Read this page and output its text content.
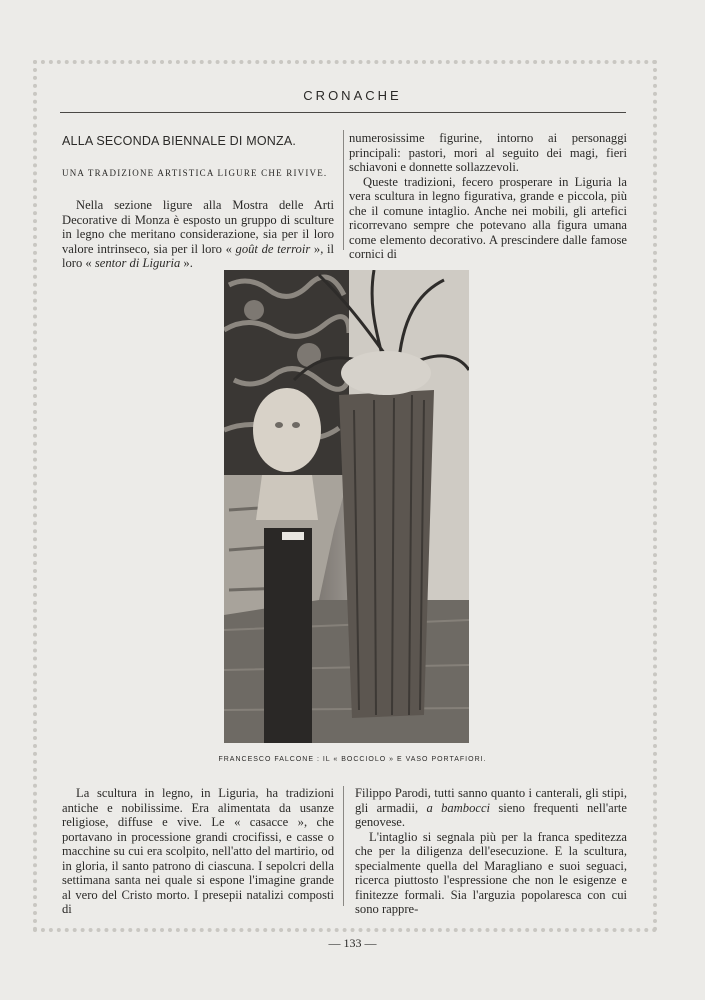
CRONACHE
ALLA SECONDA BIENNALE DI MONZA.
UNA TRADIZIONE ARTISTICA LIGURE CHE RIVIVE.

Nella sezione ligure alla Mostra delle Arti Decorative di Monza è esposto un gruppo di sculture in legno che meritano considerazione, sia per il loro valore intrinseco, sia per il loro « goût de terroir », il loro « sentor di Liguria ».

numerosissime figurine, intorno ai personaggi principali: pastori, mori al seguito dei magi, fieri schiavoni e donnette sollazzevoli.

Queste tradizioni, fecero prosperare in Liguria la vera scultura in legno figurativa, grande e piccola, più che il comune intaglio. Anche nei mobili, gli artefici ricorrevano sempre che potevano alla figura umana come elemento decorativo. A prescindere dalle famose cornici di

FRANCESCO FALCONE : IL « BOCCIOLO » E VASO PORTAFIORI.

La scultura in legno, in Liguria, ha tradizioni antiche e nobilissime. Era alimentata da usanze religiose, diffuse e vive. Le « casacce », che portavano in processione grandi crocifissi, e casse o macchine su cui era scolpito, nell'atto del martirio, od in gloria, il santo patrono di ciascuna. I sepolcri della settimana santa nei quale si espone l'imagine grande al vero del Cristo morto. I presepii natalizi composti di

Filippo Parodi, tutti sanno quanto i canterali, gli stipi, gli armadii, a bambocci sieno frequenti nell'arte genovese.

L'intaglio si segnala più per la franca speditezza che per la diligenza dell'esecuzione. E la scultura, specialmente quella del Maragliano e suoi seguaci, ricerca piuttosto l'espressione che non le esigenze e finitezze formali. Sia l'arguzia popolaresca con cui sono rappre-

— 133 —
